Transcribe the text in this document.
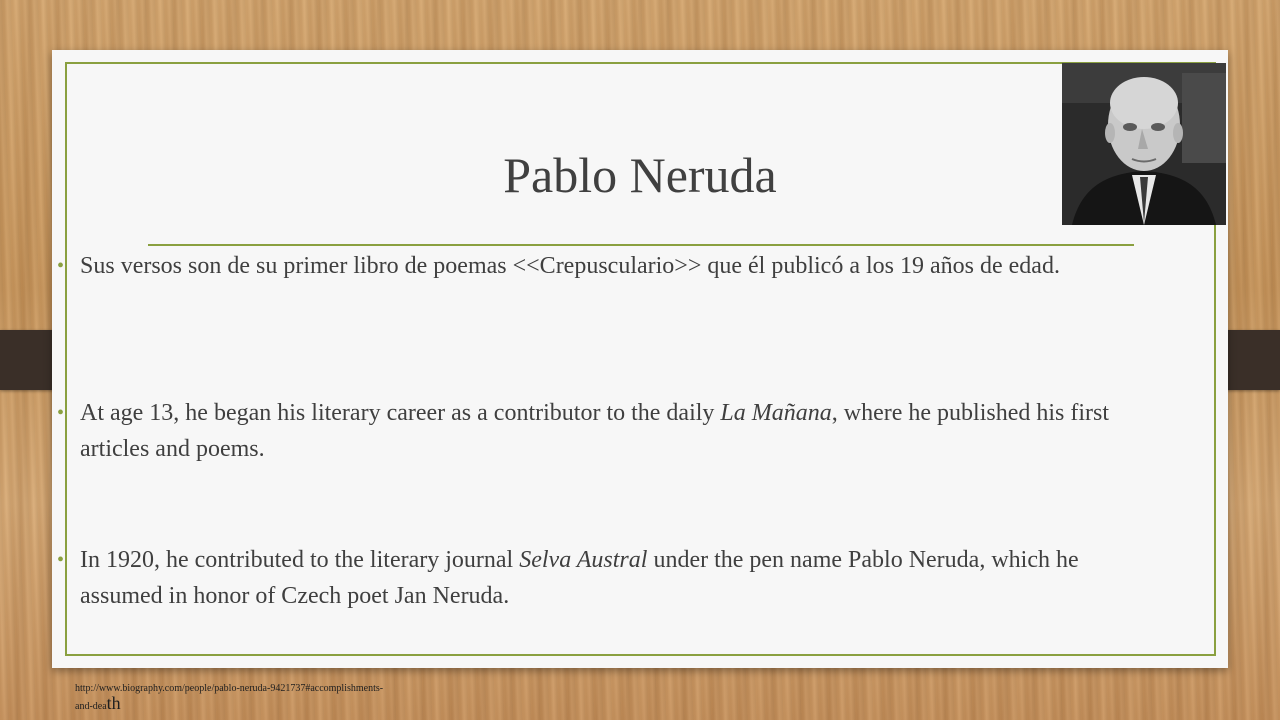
Pablo Neruda
• Sus versos son de su primer libro de poemas <<Crepusculario>> que él publicó a los 19 años de edad.
• At age 13, he began his literary career as a contributor to the daily La Mañana, where he published his first articles and poems.
• In 1920, he contributed to the literary journal Selva Austral under the pen name Pablo Neruda, which he assumed in honor of Czech poet Jan Neruda.
http://www.biography.com/people/pablo-neruda-9421737#accomplishments-
and-death
